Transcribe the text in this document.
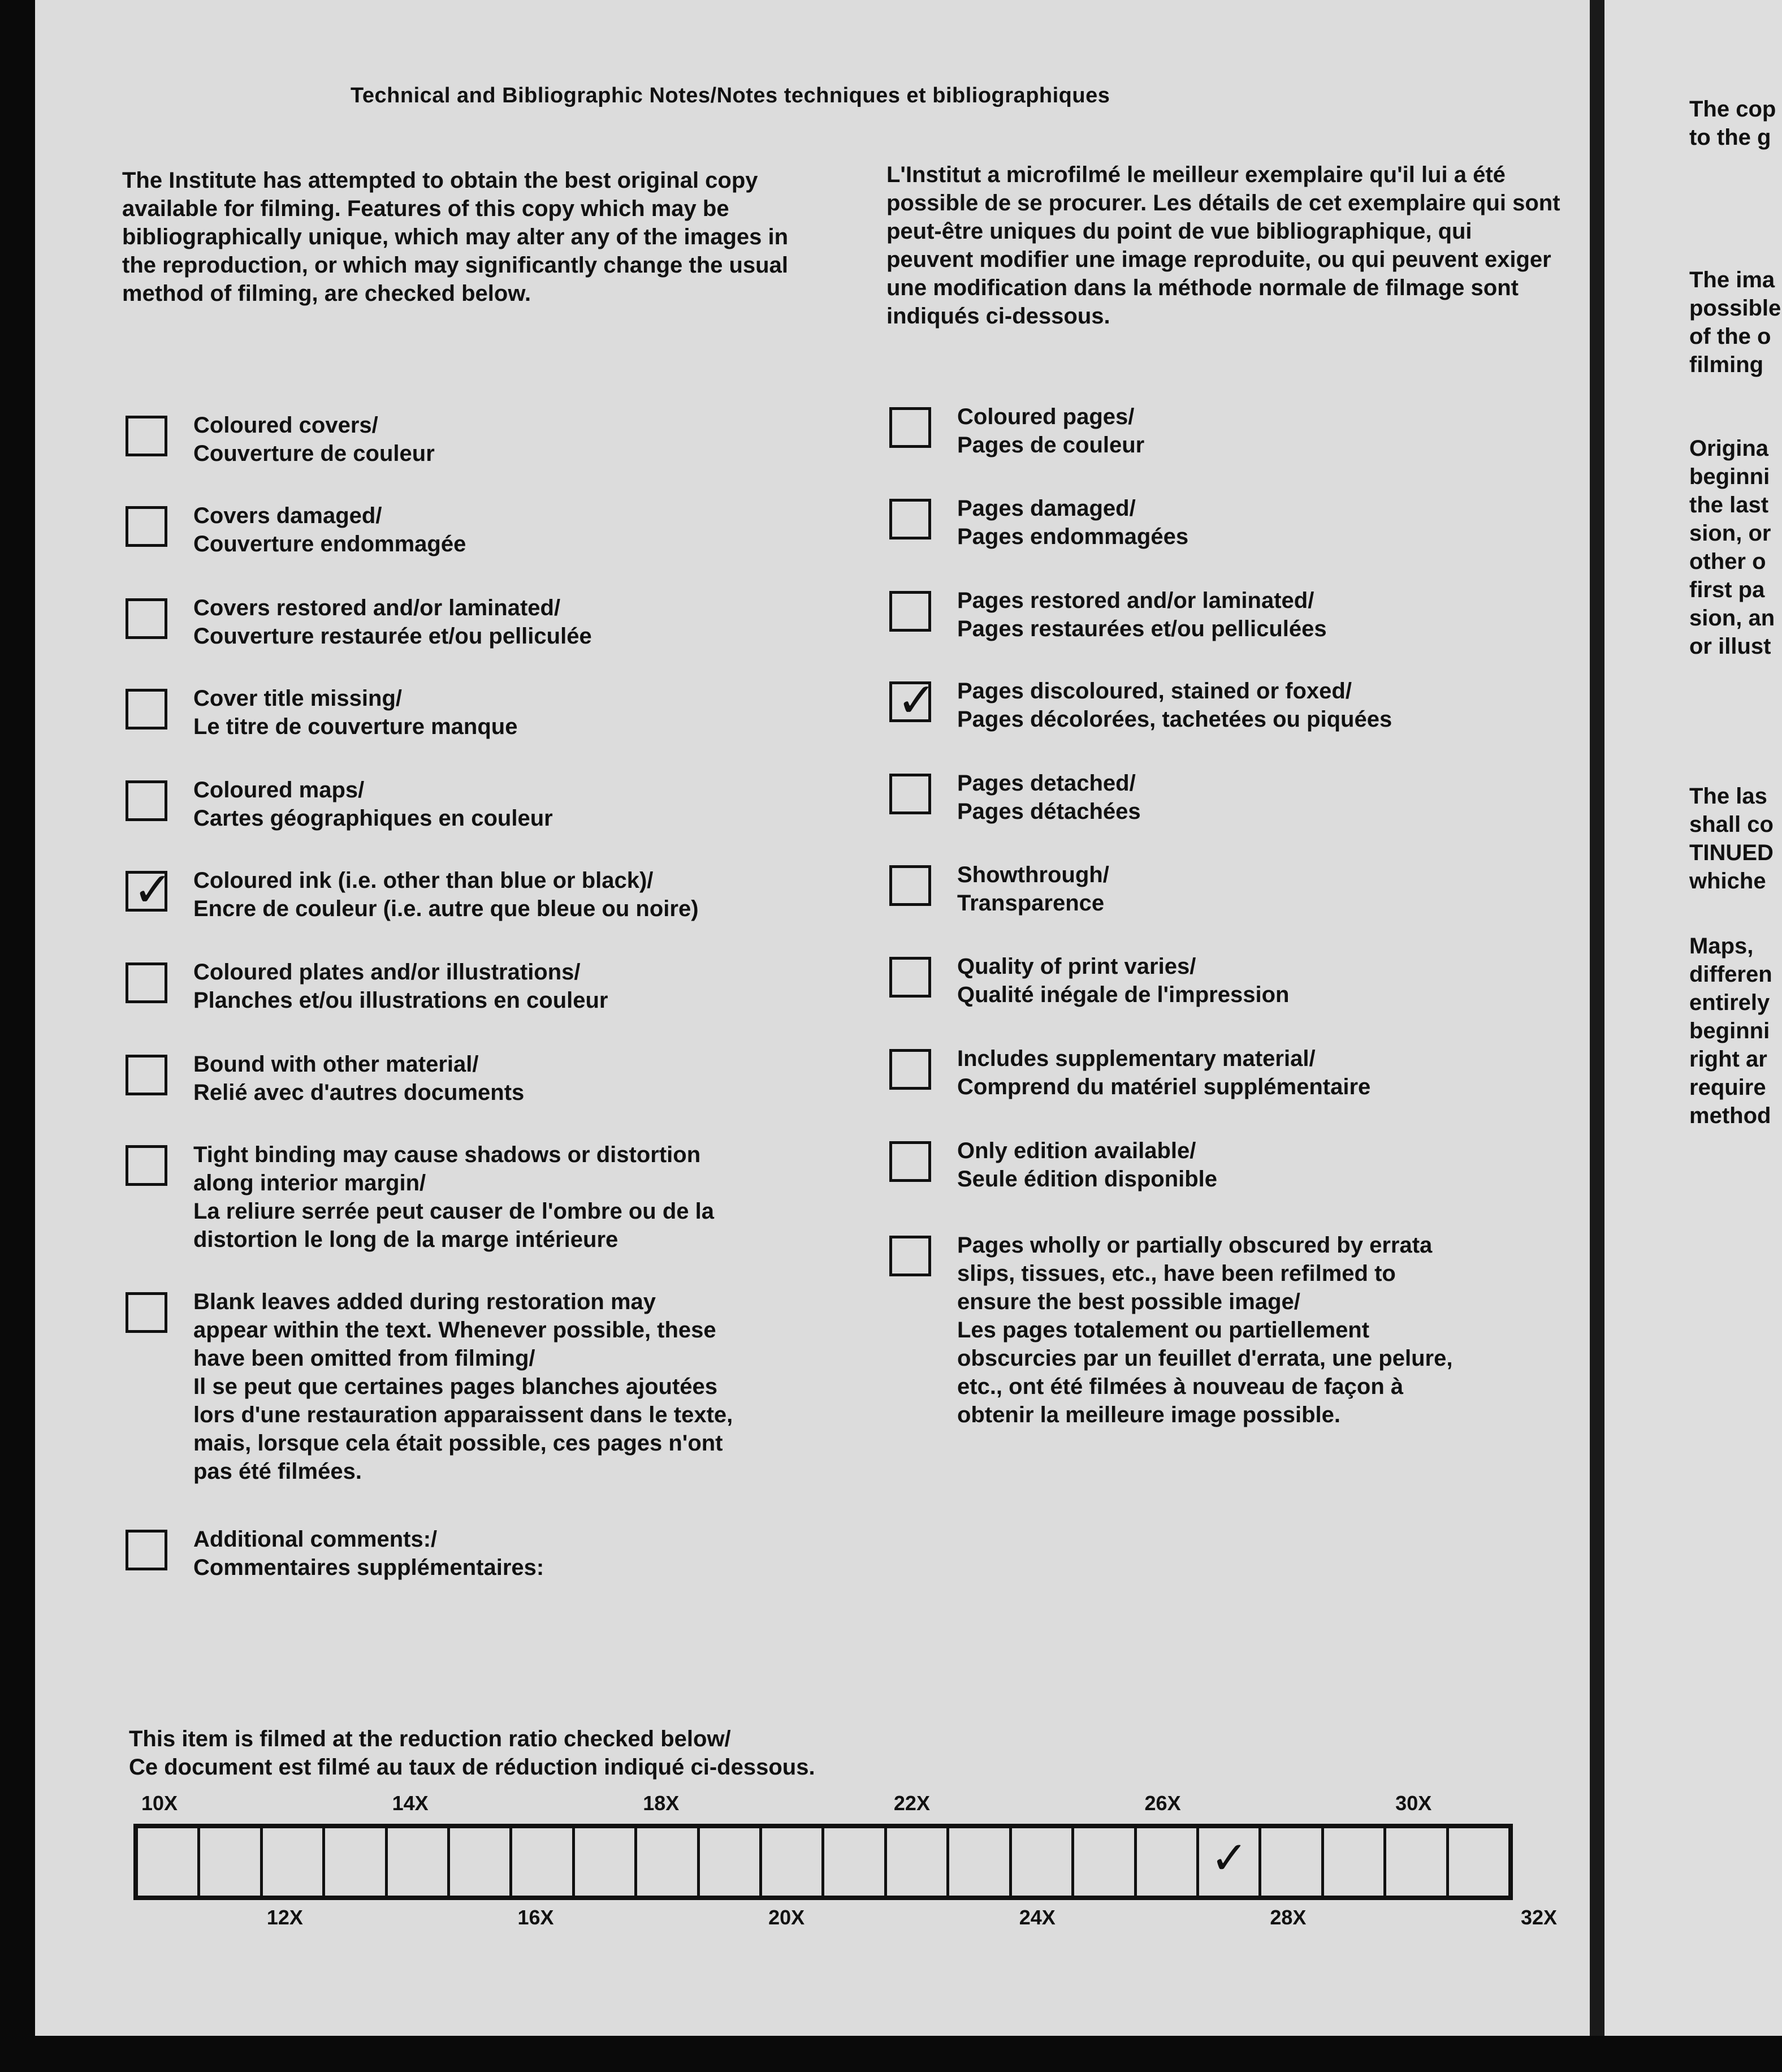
The cop
to the g
The ima
possible
of the o
filming
Origina
beginni
the last
sion, or
other o
first pa
sion, an
or illust
The las
shall co
TINUED
whiche
Maps,
differen
entirely
beginni
right ar
require
method
Technical and Bibliographic Notes/Notes techniques et bibliographiques

The Institute has attempted to obtain the best original copy available for filming. Features of this copy which may be bibliographically unique, which may alter any of the images in the reproduction, or which may significantly change the usual method of filming, are checked below.

L'Institut a microfilmé le meilleur exemplaire qu'il lui a été possible de se procurer. Les détails de cet exemplaire qui sont peut-être uniques du point de vue bibliographique, qui peuvent modifier une image reproduite, ou qui peuvent exiger une modification dans la méthode normale de filmage sont indiqués ci-dessous.

Coloured covers/
Couverture de couleur
Covers damaged/
Couverture endommagée
Covers restored and/or laminated/
Couverture restaurée et/ou pelliculée
Cover title missing/
Le titre de couverture manque
Coloured maps/
Cartes géographiques en couleur
✓ Coloured ink (i.e. other than blue or black)/
Encre de couleur (i.e. autre que bleue ou noire)
Coloured plates and/or illustrations/
Planches et/ou illustrations en couleur
Bound with other material/
Relié avec d'autres documents
Tight binding may cause shadows or distortion
along interior margin/
La reliure serrée peut causer de l'ombre ou de la
distortion le long de la marge intérieure
Blank leaves added during restoration may
appear within the text. Whenever possible, these
have been omitted from filming/
Il se peut que certaines pages blanches ajoutées
lors d'une restauration apparaissent dans le texte,
mais, lorsque cela était possible, ces pages n'ont
pas été filmées.
Additional comments:/
Commentaires supplémentaires:
Coloured pages/
Pages de couleur
Pages damaged/
Pages endommagées
Pages restored and/or laminated/
Pages restaurées et/ou pelliculées
✓ Pages discoloured, stained or foxed/
Pages décolorées, tachetées ou piquées
Pages detached/
Pages détachées
Showthrough/
Transparence
Quality of print varies/
Qualité inégale de l'impression
Includes supplementary material/
Comprend du matériel supplémentaire
Only edition available/
Seule édition disponible
Pages wholly or partially obscured by errata
slips, tissues, etc., have been refilmed to
ensure the best possible image/
Les pages totalement ou partiellement
obscurcies par un feuillet d'errata, une pelure,
etc., ont été filmées à nouveau de façon à
obtenir la meilleure image possible.
This item is filmed at the reduction ratio checked below/
Ce document est filmé au taux de réduction indiqué ci-dessous.
10X	14X	18X	22X	26X	30X
12X	16X	20X	24X	28X	32X
✓
